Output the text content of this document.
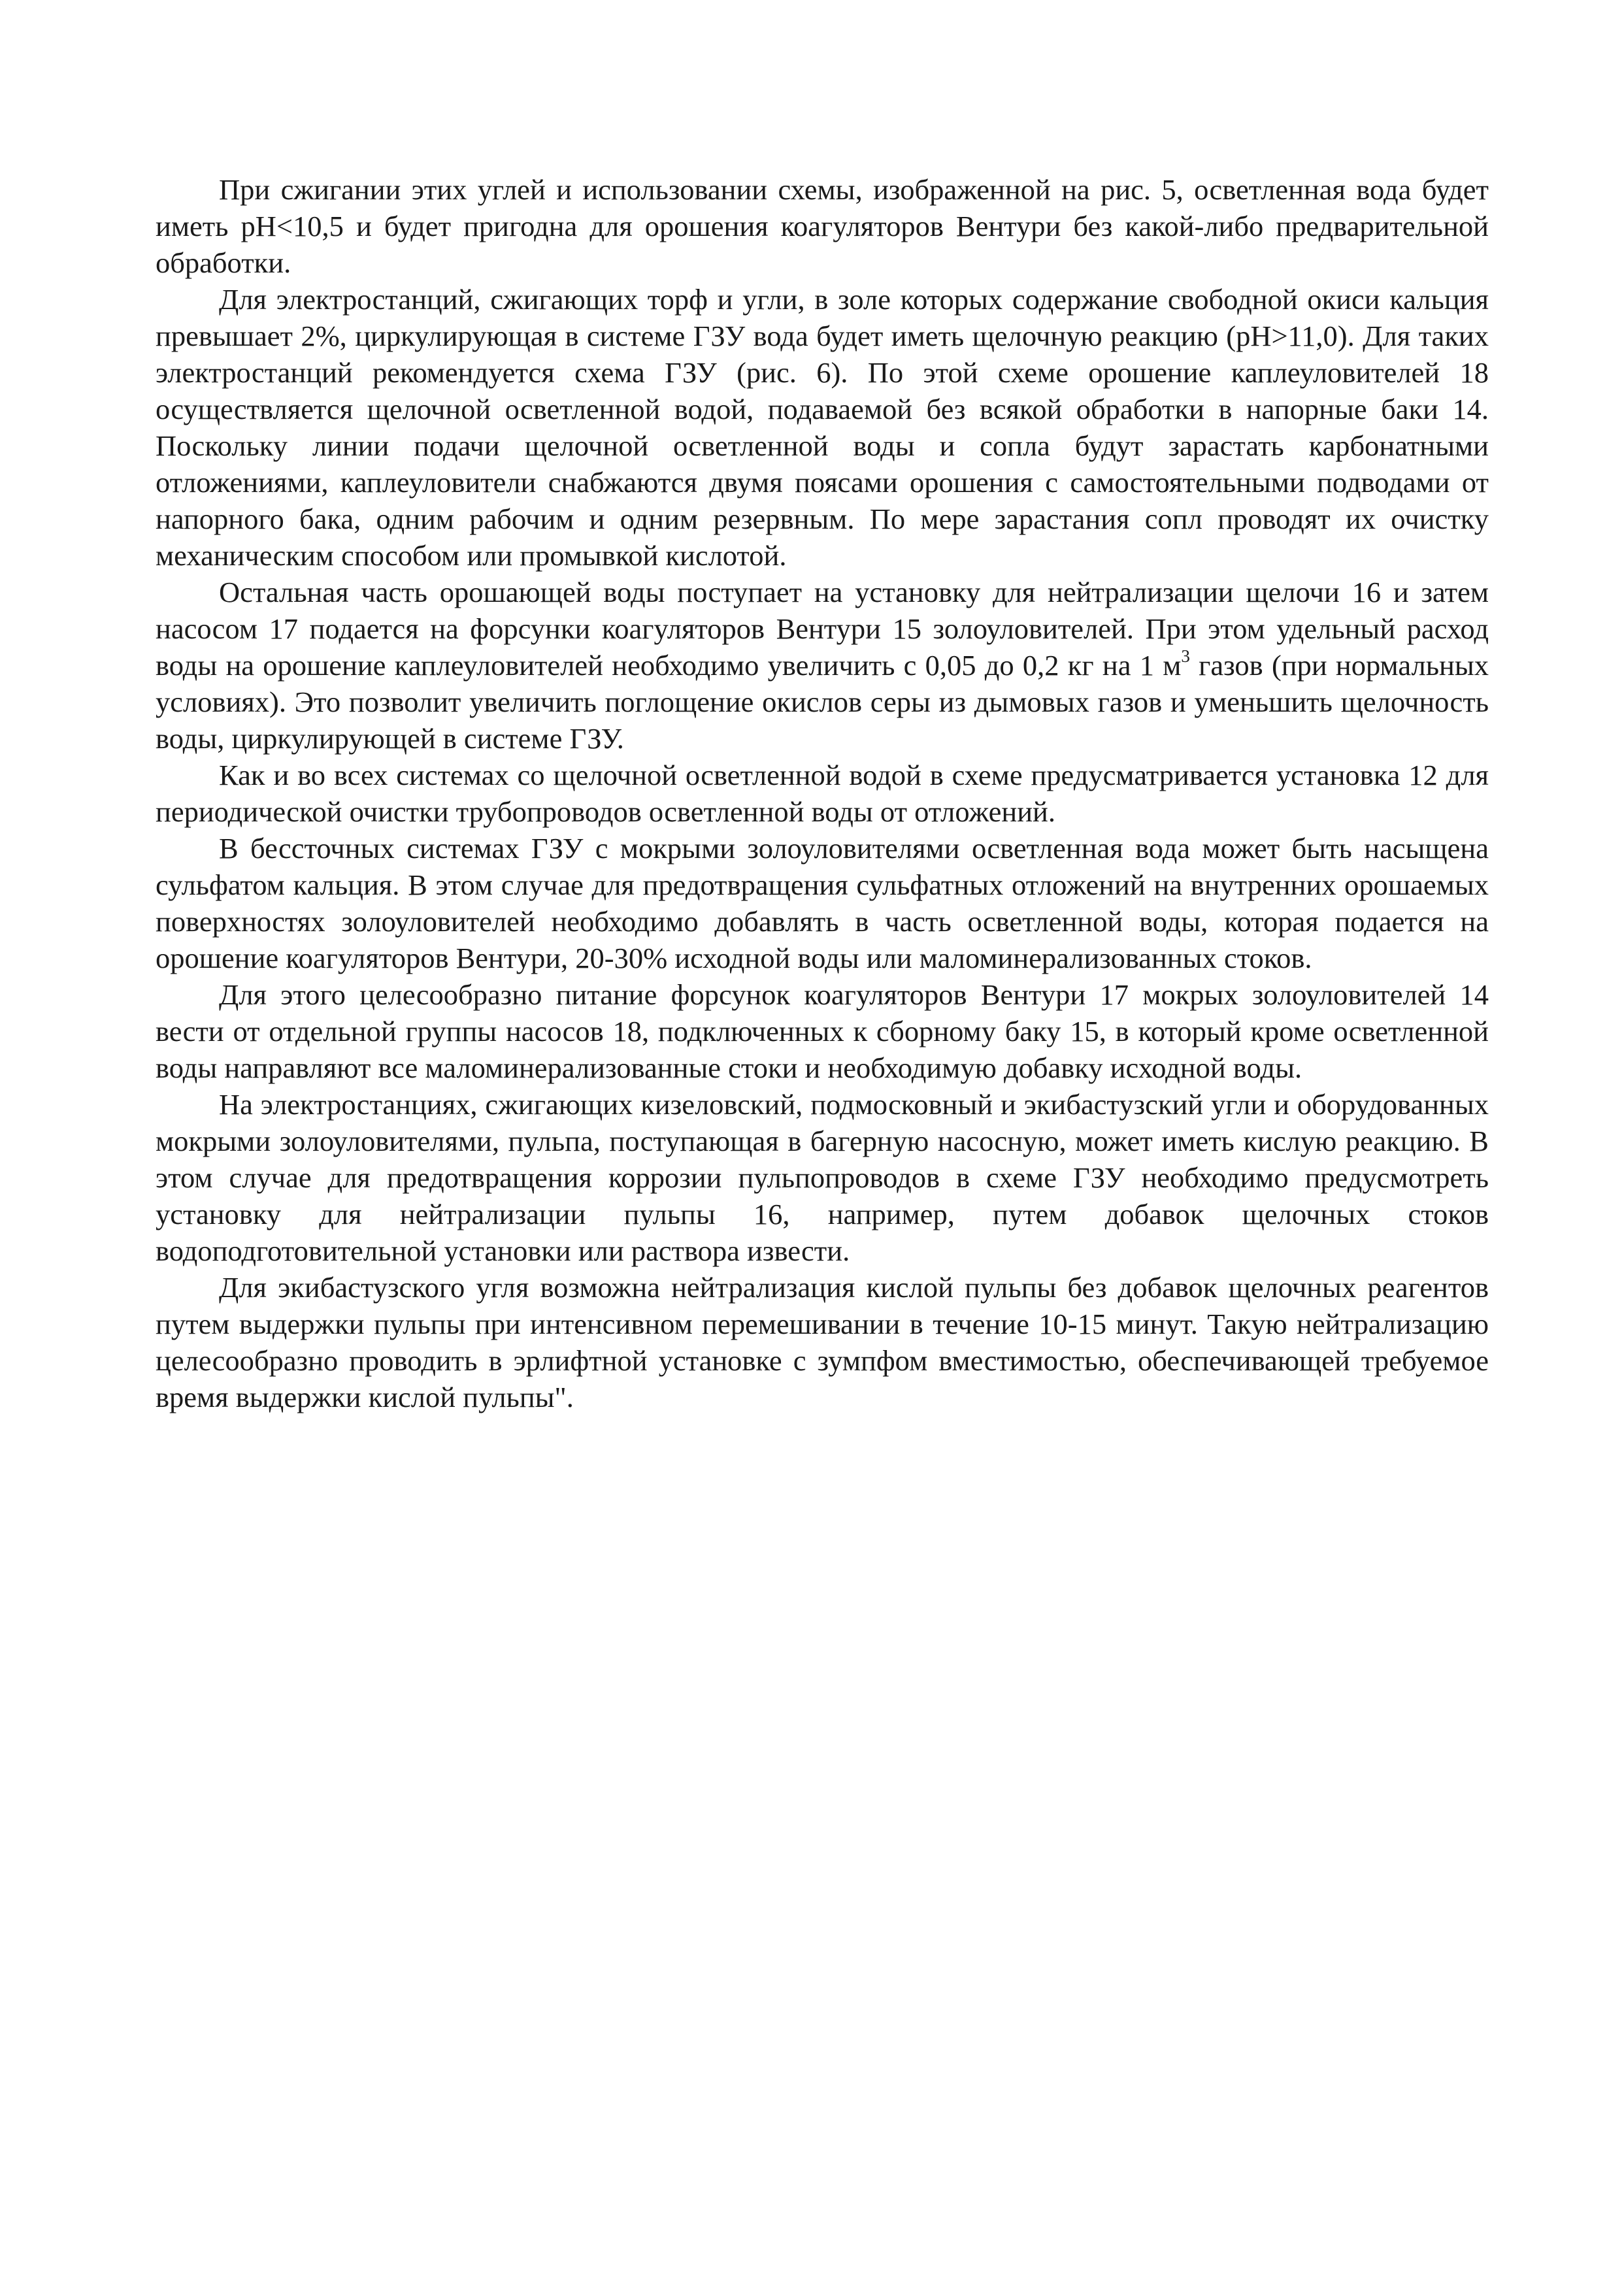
При сжигании этих углей и использовании схемы, изображенной на рис. 5, осветленная вода будет иметь pH<10,5 и будет пригодна для орошения коагуляторов Вентури без какой-либо предварительной обработки.

Для электростанций, сжигающих торф и угли, в золе которых содержание свободной окиси кальция превышает 2%, циркулирующая в системе ГЗУ вода будет иметь щелочную реакцию (pH>11,0). Для таких электростанций рекомендуется схема ГЗУ (рис. 6). По этой схеме орошение каплеуловителей 18 осуществляется щелочной осветленной водой, подаваемой без всякой обработки в напорные баки 14. Поскольку линии подачи щелочной осветленной воды и сопла будут зарастать карбонатными отложениями, каплеуловители снабжаются двумя поясами орошения с самостоятельными подводами от напорного бака, одним рабочим и одним резервным. По мере зарастания сопл проводят их очистку механическим способом или промывкой кислотой.

Остальная часть орошающей воды поступает на установку для нейтрализации щелочи 16 и затем насосом 17 подается на форсунки коагуляторов Вентури 15 золоуловителей. При этом удельный расход воды на орошение каплеуловителей необходимо увеличить с 0,05 до 0,2 кг на 1 $м^3$ газов (при нормальных условиях). Это позволит увеличить поглощение окислов серы из дымовых газов и уменьшить щелочность воды, циркулирующей в системе ГЗУ.

Как и во всех системах со щелочной осветленной водой в схеме предусматривается установка 12 для периодической очистки трубопроводов осветленной воды от отложений.

В бессточных системах ГЗУ с мокрыми золоуловителями осветленная вода может быть насыщена сульфатом кальция. В этом случае для предотвращения сульфатных отложений на внутренних орошаемых поверхностях золоуловителей необходимо добавлять в часть осветленной воды, которая подается на орошение коагуляторов Вентури, 20-30% исходной воды или маломинерализованных стоков.

Для этого целесообразно питание форсунок коагуляторов Вентури 17 мокрых золоуловителей 14 вести от отдельной группы насосов 18, подключенных к сборному баку 15, в который кроме осветленной воды направляют все маломинерализованные стоки и необходимую добавку исходной воды.

На электростанциях, сжигающих кизеловский, подмосковный и экибастузский угли и оборудованных мокрыми золоуловителями, пульпа, поступающая в багерную насосную, может иметь кислую реакцию. В этом случае для предотвращения коррозии пульпопроводов в схеме ГЗУ необходимо предусмотреть установку для нейтрализации пульпы 16, например, путем добавок щелочных стоков водоподготовительной установки или раствора извести.

Для экибастузского угля возможна нейтрализация кислой пульпы без добавок щелочных реагентов путем выдержки пульпы при интенсивном перемешивании в течение 10-15 минут. Такую нейтрализацию целесообразно проводить в эрлифтной установке с зумпфом вместимостью, обеспечивающей требуемое время выдержки кислой пульпы".
